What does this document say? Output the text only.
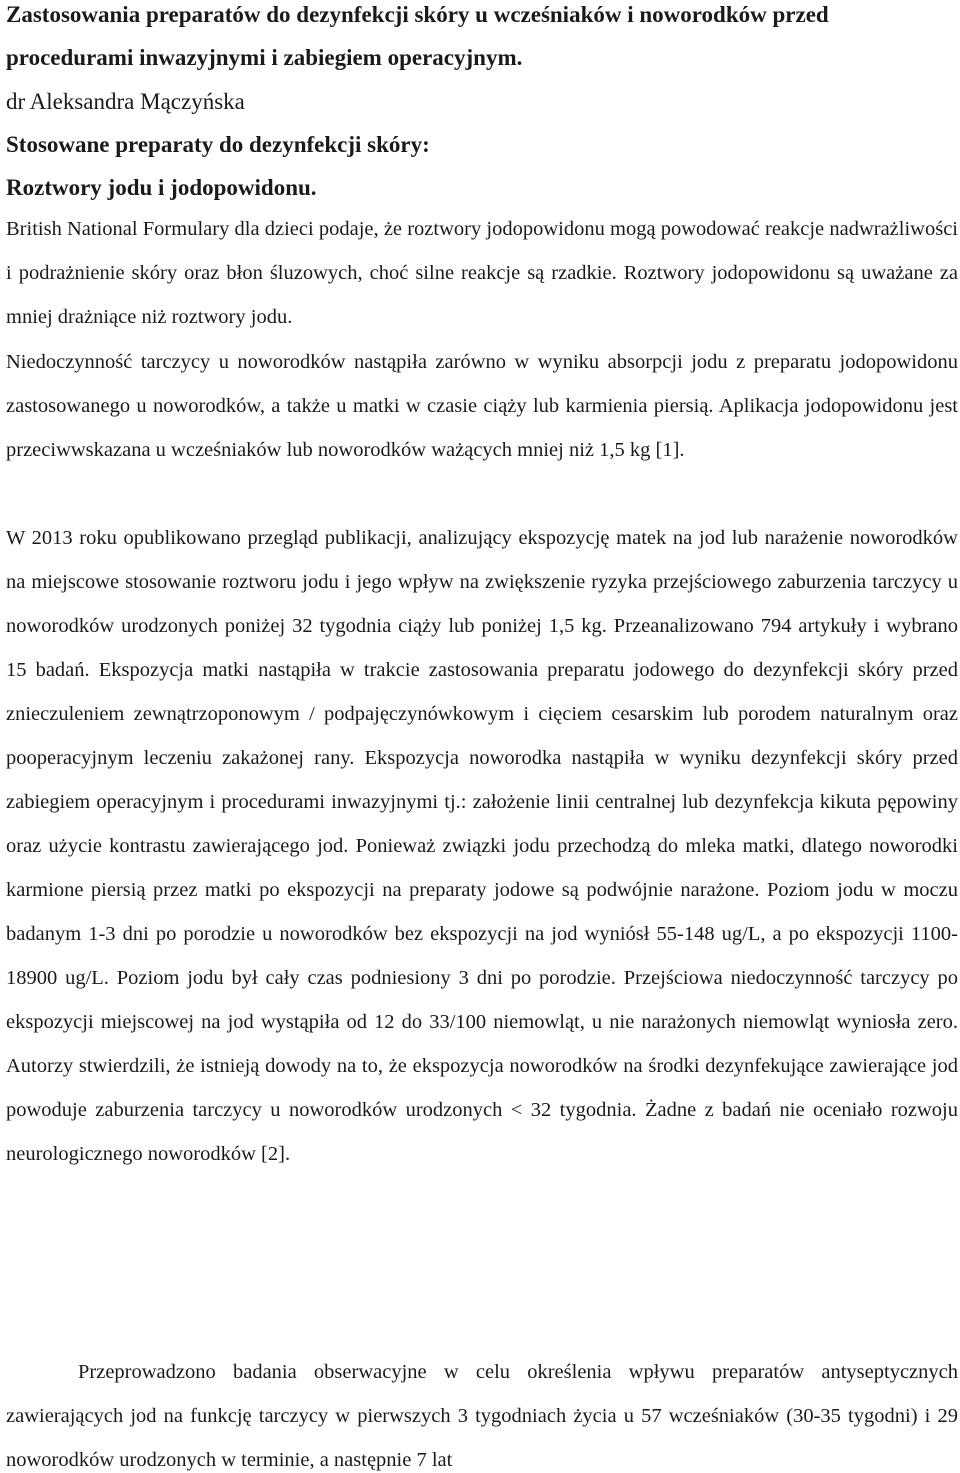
Zastosowania preparatów do dezynfekcji skóry u wcześniaków i noworodków przed
procedurami inwazyjnymi i zabiegiem operacyjnym.

dr Aleksandra Mączyńska

Stosowane preparaty do dezynfekcji skóry:
Roztwory jodu i jodopowidonu.

British National Formulary dla dzieci podaje, że roztwory jodopowidonu mogą powodować reakcje nadwrażliwości i podrażnienie skóry oraz błon śluzowych, choć silne reakcje są rzadkie. Roztwory jodopowidonu są uważane za mniej drażniące niż roztwory jodu.

Niedoczynność tarczycy u noworodków nastąpiła zarówno w wyniku absorpcji jodu z preparatu jodopowidonu zastosowanego u noworodków, a także u matki w czasie ciąży lub karmienia piersią. Aplikacja jodopowidonu jest przeciwwskazana u wcześniaków lub noworodków ważących mniej niż 1,5 kg [1].

W 2013 roku opublikowano przegląd publikacji, analizujący ekspozycję matek na jod lub narażenie noworodków na miejscowe stosowanie roztworu jodu i jego wpływ na zwiększenie ryzyka przejściowego zaburzenia tarczycy u noworodków urodzonych poniżej 32 tygodnia ciąży lub poniżej 1,5 kg. Przeanalizowano 794 artykuły i wybrano 15 badań. Ekspozycja matki nastąpiła w trakcie zastosowania preparatu jodowego do dezynfekcji skóry przed znieczuleniem zewnątrzoponowym / podpajęczynówkowym i cięciem cesarskim lub porodem naturalnym oraz pooperacyjnym leczeniu zakażonej rany. Ekspozycja noworodka nastąpiła w wyniku dezynfekcji skóry przed zabiegiem operacyjnym i procedurami inwazyjnymi tj.: założenie linii centralnej lub dezynfekcja kikuta pępowiny oraz użycie kontrastu zawierającego jod. Ponieważ związki jodu przechodzą do mleka matki, dlatego noworodki karmione piersią przez matki po ekspozycji na preparaty jodowe są podwójnie narażone. Poziom jodu w moczu badanym 1-3 dni po porodzie u noworodków bez ekspozycji na jod wyniósł 55-148 ug/L, a po ekspozycji 1100-18900 ug/L. Poziom jodu był cały czas podniesiony 3 dni po porodzie. Przejściowa niedoczynność tarczycy po ekspozycji miejscowej na jod wystąpiła od 12 do 33/100 niemowląt, u nie narażonych niemowląt wyniosła zero. Autorzy stwierdzili, że istnieją dowody na to, że ekspozycja noworodków na środki dezynfekujące zawierające jod powoduje zaburzenia tarczycy u noworodków urodzonych < 32 tygodnia. Żadne z badań nie oceniało rozwoju neurologicznego noworodków [2].

Przeprowadzono badania obserwacyjne w celu określenia wpływu preparatów antyseptycznych zawierających jod na funkcję tarczycy w pierwszych 3 tygodniach życia u 57 wcześniaków (30-35 tygodni) i 29 noworodków urodzonych w terminie, a następnie 7 lat
